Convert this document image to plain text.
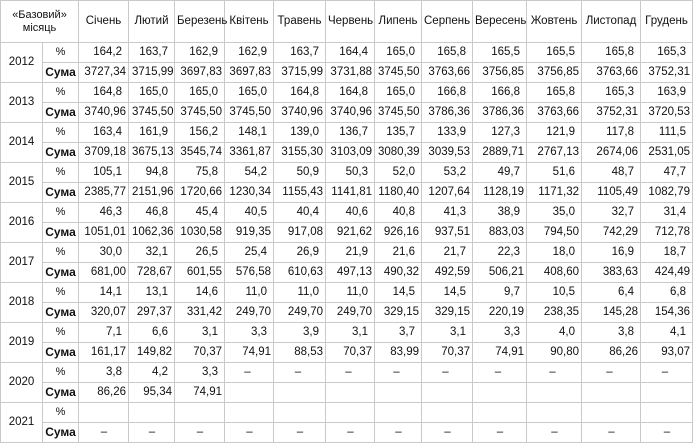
«Базовий»
місяць		Січень	Лютий	Березень	Квітень	Травень	Червень	Липень	Серпень	Вересень	Жовтень	Листопад	Грудень
2012	%	164,2	163,7	162,9	162,9	163,7	164,4	165,0	165,8	165,5	165,5	165,8	165,3
	Сума	3727,34	3715,99	3697,83	3697,83	3715,99	3731,88	3745,50	3763,66	3756,85	3756,85	3763,66	3752,31
2013	%	164,8	165,0	165,0	165,0	164,8	164,8	165,0	166,8	166,8	165,8	165,3	163,9
	Сума	3740,96	3745,50	3745,50	3745,50	3740,96	3740,96	3745,50	3786,36	3786,36	3763,66	3752,31	3720,53
2014	%	163,4	161,9	156,2	148,1	139,0	136,7	135,7	133,9	127,3	121,9	117,8	111,5
	Сума	3709,18	3675,13	3545,74	3361,87	3155,30	3103,09	3080,39	3039,53	2889,71	2767,13	2674,06	2531,05
2015	%	105,1	94,8	75,8	54,2	50,9	50,3	52,0	53,2	49,7	51,6	48,7	47,7
	Сума	2385,77	2151,96	1720,66	1230,34	1155,43	1141,81	1180,40	1207,64	1128,19	1171,32	1105,49	1082,79
2016	%	46,3	46,8	45,4	40,5	40,4	40,6	40,8	41,3	38,9	35,0	32,7	31,4
	Сума	1051,01	1062,36	1030,58	919,35	917,08	921,62	926,16	937,51	883,03	794,50	742,29	712,78
2017	%	30,0	32,1	26,5	25,4	26,9	21,9	21,6	21,7	22,3	18,0	16,9	18,7
	Сума	681,00	728,67	601,55	576,58	610,63	497,13	490,32	492,59	506,21	408,60	383,63	424,49
2018	%	14,1	13,1	14,6	11,0	11,0	11,0	14,5	14,5	9,7	10,5	6,4	6,8
	Сума	320,07	297,37	331,42	249,70	249,70	249,70	329,15	329,15	220,19	238,35	145,28	154,36
2019	%	7,1	6,6	3,1	3,3	3,9	3,1	3,7	3,1	3,3	4,0	3,8	4,1
	Сума	161,17	149,82	70,37	74,91	88,53	70,37	83,99	70,37	74,91	90,80	86,26	93,07
2020	%	3,8	4,2	3,3	–	–	–	–	–	–	–	–	–
	Сума	86,26	95,34	74,91									
2021	%												
	Сума	–	–	–	–	–	–	–	–	–	–	–	–
